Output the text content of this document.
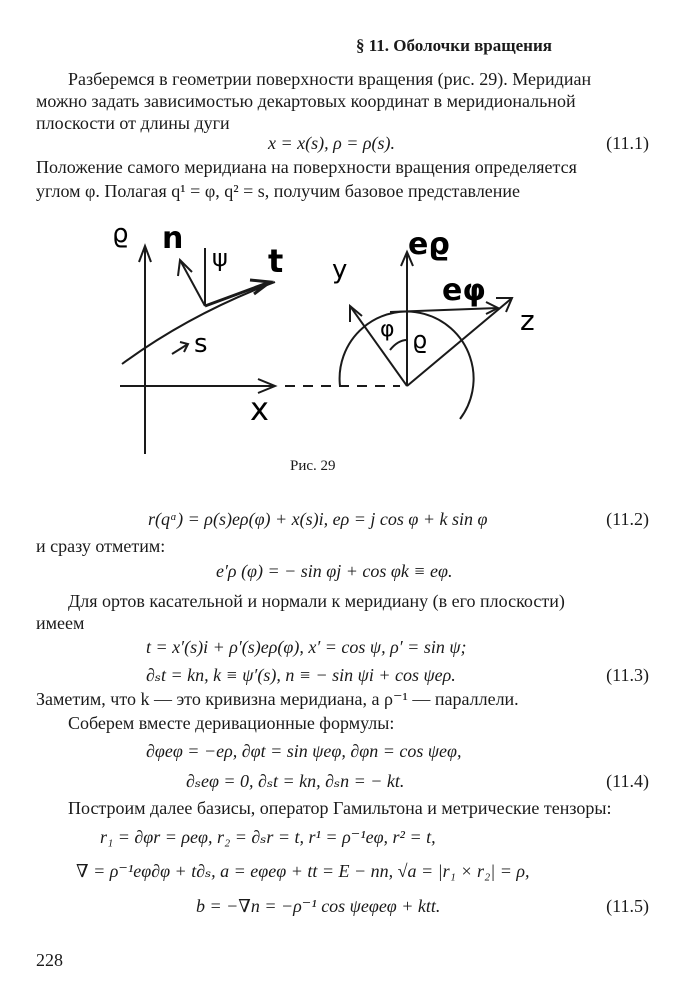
§ 11. Оболочки вращения
Разберемся в геометрии поверхности вращения (рис. 29). Меридиан
можно задать зависимостью декартовых координат в меридиональной
плоскости от длины дуги
x = x(s), ρ = ρ(s).	(11.1)
Положение самого меридиана на поверхности вращения определяется
углом φ. Полагая q¹ = φ, q² = s, получим базовое представление
ϱ n
ψ t
s
x
y
eϱ
eφ
z
φ ϱ
Рис. 29
r(qᵅ) = ρ(s)eρ(φ) + x(s)i, eρ = j cos φ + k sin φ	(11.2)
и сразу отметим:
e′ρ (φ) = − sin φj + cos φk ≡ eφ.
Для ортов касательной и нормали к меридиану (в его плоскости)
имеем
t = x′(s)i + ρ′(s)eρ(φ), x′ = cos ψ, ρ′ = sin ψ;
∂ₛt = kn, k ≡ ψ′(s), n ≡ − sin ψi + cos ψeρ.	(11.3)
Заметим, что k — это кривизна меридиана, а ρ⁻¹ — параллели.
Соберем вместе деривационные формулы:
∂φeφ = −eρ, ∂φt = sin ψeφ, ∂φn = cos ψeφ,
∂ₛeφ = 0, ∂ₛt = kn, ∂ₛn = − kt.	(11.4)
Построим далее базисы, оператор Гамильтона и метрические тензоры:
r₁ = ∂φr = ρeφ, r₂ = ∂ₛr = t, r¹ = ρ⁻¹eφ, r² = t,
∇ = ρ⁻¹eφ∂φ + t∂ₛ, a = eφeφ + tt = E − nn, √a = |r₁ × r₂| = ρ,
b = −∇n = −ρ⁻¹ cos ψeφeφ + ktt.	(11.5)
228
